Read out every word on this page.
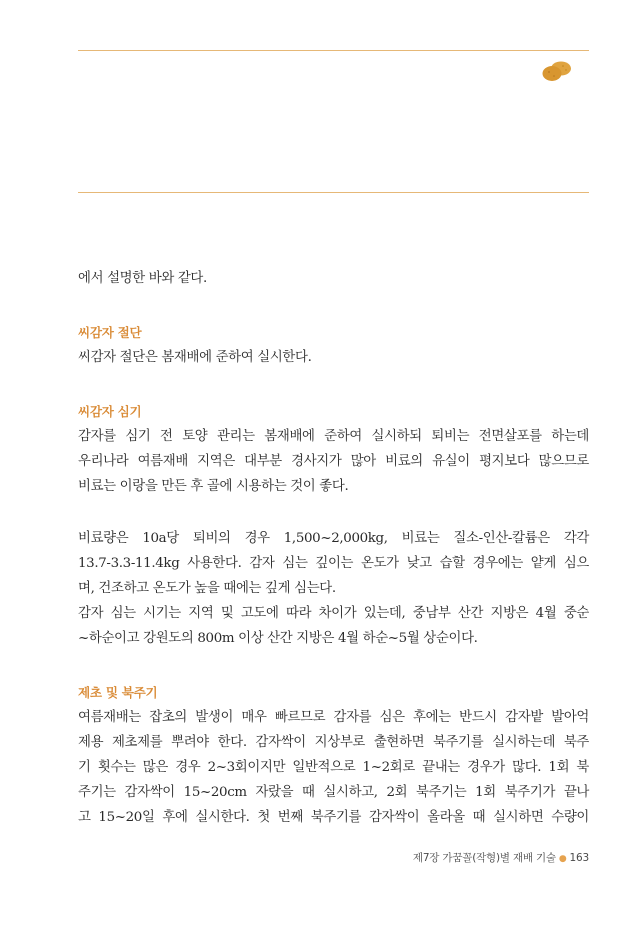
에서 설명한 바와 같다.

씨감자 절단

씨감자 절단은 봄재배에 준하여 실시한다.

씨감자 심기

감자를 심기 전 토양 관리는 봄재배에 준하여 실시하되 퇴비는 전면살포를 하는데

우리나라 여름재배 지역은 대부분 경사지가 많아 비료의 유실이 평지보다 많으므로

비료는 이랑을 만든 후 골에 시용하는 것이 좋다.

비료량은 10a당 퇴비의 경우 1,500~2,000kg, 비료는 질소-인산-칼륨은 각각

13.7-3.3-11.4kg 사용한다. 감자 심는 깊이는 온도가 낮고 습할 경우에는 얕게 심으

며, 건조하고 온도가 높을 때에는 깊게 심는다.

감자 심는 시기는 지역 및 고도에 따라 차이가 있는데, 중남부 산간 지방은 4월 중순

~하순이고 강원도의 800m 이상 산간 지방은 4월 하순~5월 상순이다.

제초 및 북주기

여름재배는 잡초의 발생이 매우 빠르므로 감자를 심은 후에는 반드시 감자밭 발아억

제용 제초제를 뿌려야 한다. 감자싹이 지상부로 출현하면 북주기를 실시하는데 북주

기 횟수는 많은 경우 2~3회이지만 일반적으로 1~2회로 끝내는 경우가 많다. 1회 북

주기는 감자싹이 15~20cm 자랐을 때 실시하고, 2회 북주기는 1회 북주기가 끝나

고 15~20일 후에 실시한다. 첫 번째 북주기를 감자싹이 올라올 때 실시하면 수량이

제7장 가꿈꼴(작형)별 재배 기술 ● 163
